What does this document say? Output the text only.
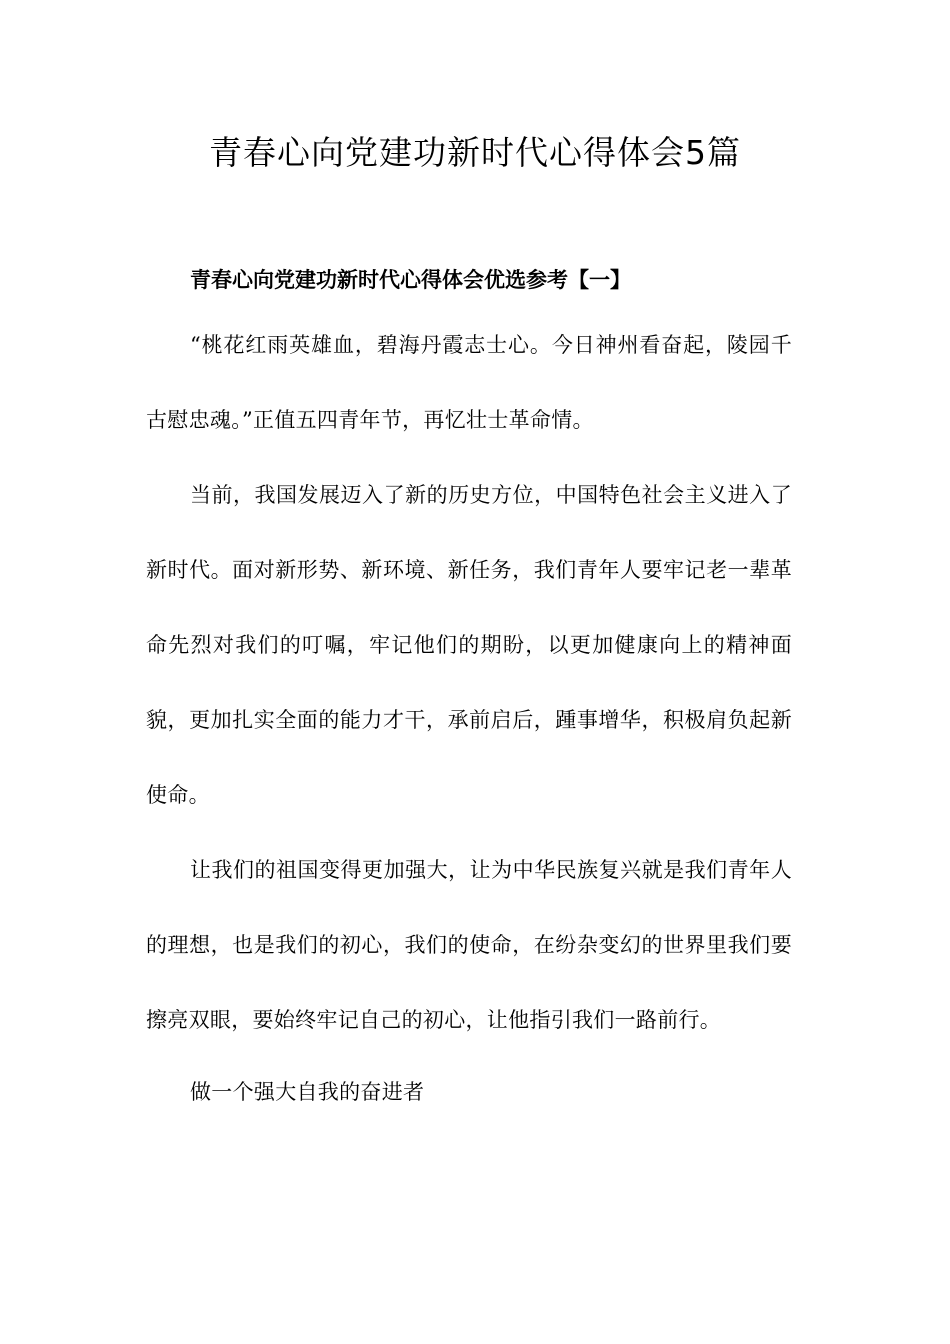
青春心向党建功新时代心得体会5篇
青春心向党建功新时代心得体会优选参考【一】

“桃花红雨英雄血，碧海丹霞志士心。今日神州看奋起，陵园千古慰忠魂。”正值五四青年节，再忆壮士革命情。

当前，我国发展迈入了新的历史方位，中国特色社会主义进入了新时代。面对新形势、新环境、新任务，我们青年人要牢记老一辈革命先烈对我们的叮嘱，牢记他们的期盼，以更加健康向上的精神面貌，更加扎实全面的能力才干，承前启后，踵事增华，积极肩负起新使命。

让我们的祖国变得更加强大，让为中华民族复兴就是我们青年人的理想，也是我们的初心，我们的使命，在纷杂变幻的世界里我们要擦亮双眼，要始终牢记自己的初心，让他指引我们一路前行。

做一个强大自我的奋进者
